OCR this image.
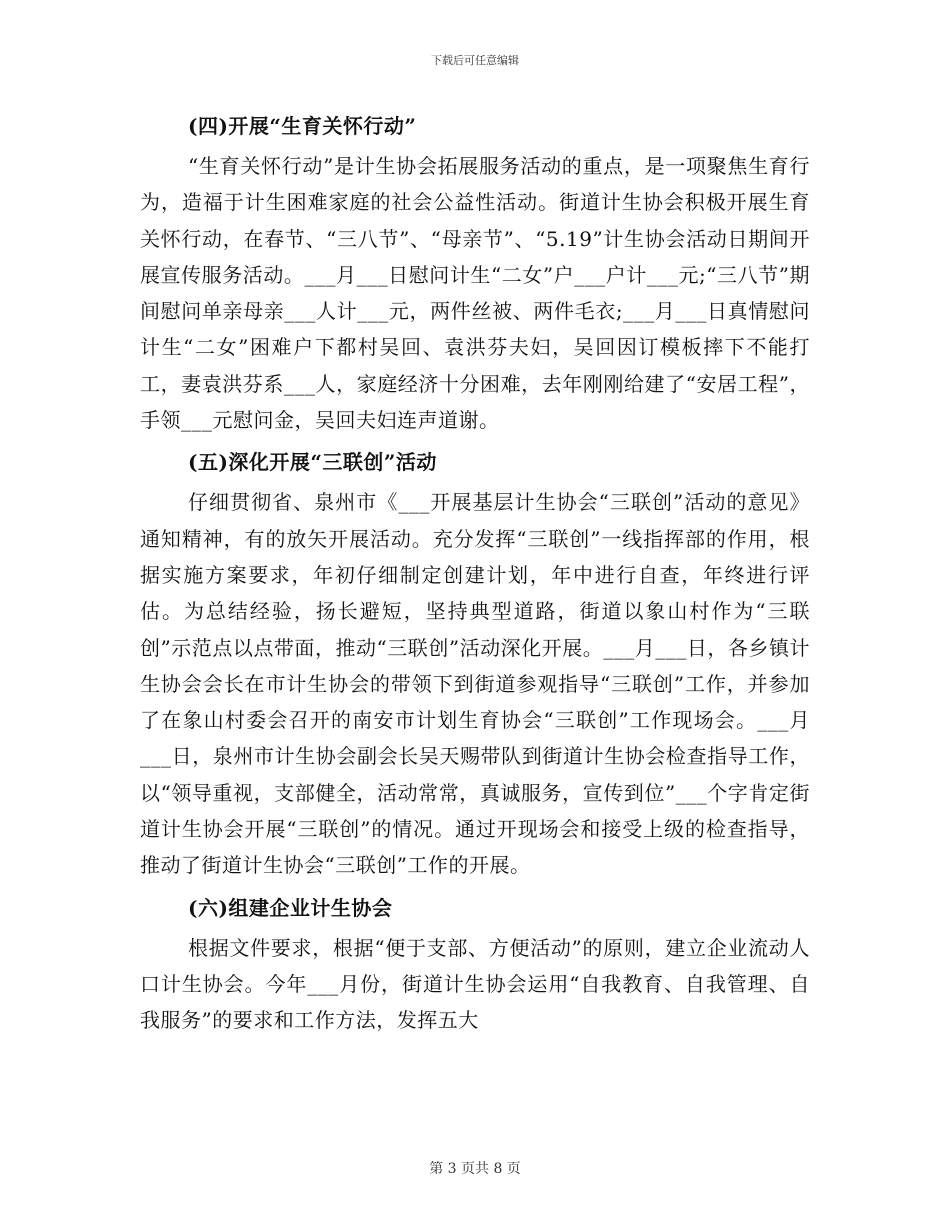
下载后可任意编辑
(四)开展“生育关怀行动”

“生育关怀行动”是计生协会拓展服务活动的重点，是一项聚焦生育行为，造福于计生困难家庭的社会公益性活动。街道计生协会积极开展生育关怀行动，在春节、“三八节”、“母亲节”、“5.19”计生协会活动日期间开展宣传服务活动。___月___日慰问计生“二女”户___户计___元;“三八节”期间慰问单亲母亲___人计___元，两件丝被、两件毛衣;___月___日真情慰问计生“二女”困难户下都村吴回、袁洪芬夫妇，吴回因订模板摔下不能打工，妻袁洪芬系___人，家庭经济十分困难，去年刚刚给建了“安居工程”，手领___元慰问金，吴回夫妇连声道谢。

(五)深化开展“三联创”活动

仔细贯彻省、泉州市《___开展基层计生协会“三联创”活动的意见》通知精神，有的放矢开展活动。充分发挥“三联创”一线指挥部的作用，根据实施方案要求，年初仔细制定创建计划，年中进行自查，年终进行评估。为总结经验，扬长避短，坚持典型道路，街道以象山村作为“三联创”示范点以点带面，推动“三联创”活动深化开展。___月___日，各乡镇计生协会会长在市计生协会的带领下到街道参观指导“三联创”工作，并参加了在象山村委会召开的南安市计划生育协会“三联创”工作现场会。___月___日，泉州市计生协会副会长吴天赐带队到街道计生协会检查指导工作，以“领导重视，支部健全，活动常常，真诚服务，宣传到位”___个字肯定街道计生协会开展“三联创”的情况。通过开现场会和接受上级的检查指导，推动了街道计生协会“三联创”工作的开展。

(六)组建企业计生协会

根据文件要求，根据“便于支部、方便活动”的原则，建立企业流动人口计生协会。今年___月份，街道计生协会运用“自我教育、自我管理、自我服务”的要求和工作方法，发挥五大

第 3 页共 8 页
